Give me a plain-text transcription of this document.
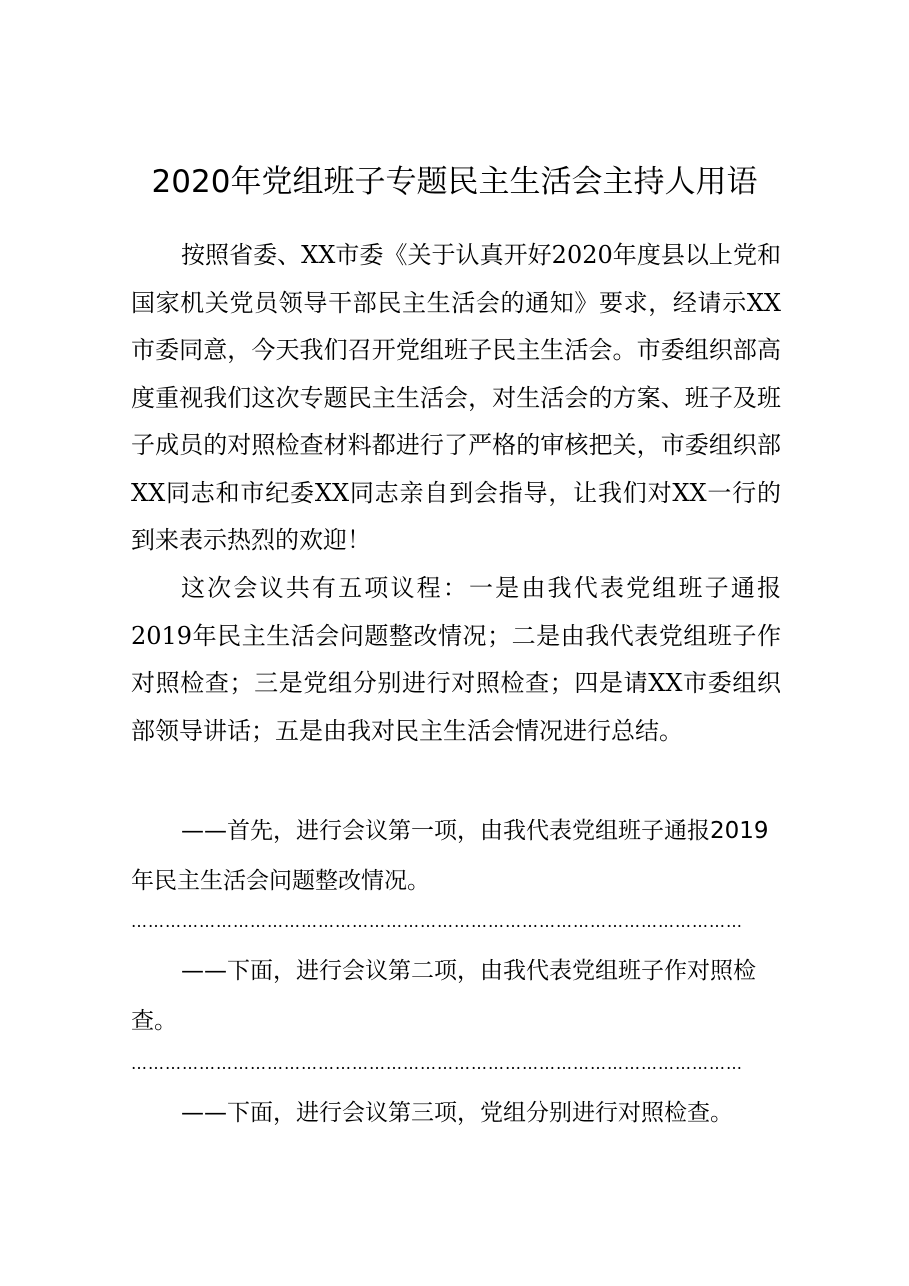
2020年党组班子专题民主生活会主持人用语

按照省委、XX市委《关于认真开好2020年度县以上党和国家机关党员领导干部民主生活会的通知》要求，经请示XX市委同意，今天我们召开党组班子民主生活会。市委组织部高度重视我们这次专题民主生活会，对生活会的方案、班子及班子成员的对照检查材料都进行了严格的审核把关，市委组织部XX同志和市纪委XX同志亲自到会指导，让我们对XX一行的到来表示热烈的欢迎！

这次会议共有五项议程：一是由我代表党组班子通报2019年民主生活会问题整改情况；二是由我代表党组班子作对照检查；三是党组分别进行对照检查；四是请XX市委组织部领导讲话；五是由我对民主生活会情况进行总结。

——首先，进行会议第一项，由我代表党组班子通报2019年民主生活会问题整改情况。

………………………………………………………………………………………………

——下面，进行会议第二项，由我代表党组班子作对照检查。

………………………………………………………………………………………………

——下面，进行会议第三项，党组分别进行对照检查。
